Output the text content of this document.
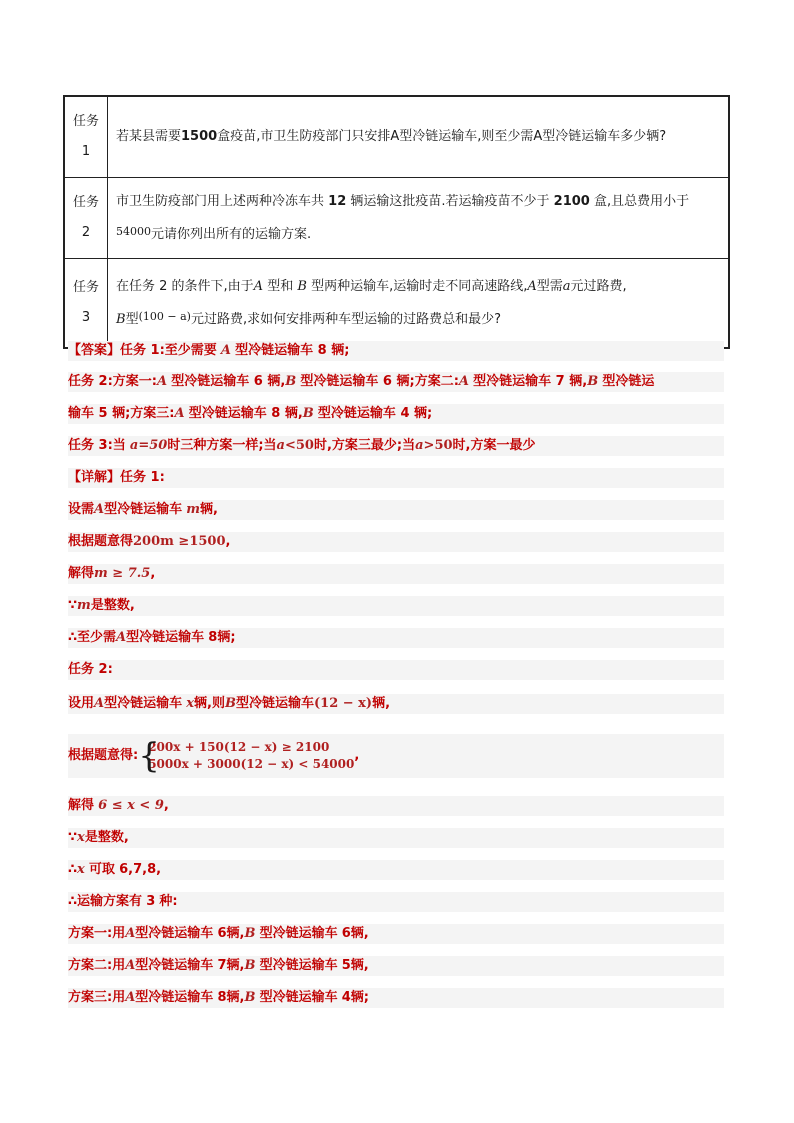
任务
1	若某县需要1500盒疫苗,市卫生防疫部门只安排A型冷链运输车,则至少需A型冷链运输车多少辆?
任务
2	市卫生防疫部门用上述两种冷冻车共 12 辆运输这批疫苗.若运输疫苗不少于 2100 盒,且总费用小于
$^{54000}$元请你列出所有的运输方案.
任务
3	在任务 2 的条件下,由于A 型和 B 型两种运输车,运输时走不同高速路线,A型需a元过路费,
B型$^{(100 - a)}$元过路费,求如何安排两种车型运输的过路费总和最少?
【答案】任务 1:至少需要 A 型冷链运输车 8 辆;
任务 2:方案一:A 型冷链运输车 6 辆,B 型冷链运输车 6 辆;方案二:A 型冷链运输车 7 辆,B 型冷链运
输车 5 辆;方案三:A 型冷链运输车 8 辆,B 型冷链运输车 4 辆;
任务 3:当 a=50时三种方案一样;当a<50时,方案三最少;当a>50时,方案一最少
【详解】任务 1:
设需A型冷链运输车 m辆,
根据题意得200m ≥1500,
解得m ≥ 7.5,
∵m是整数,
∴至少需A型冷链运输车 8辆;
任务 2:
设用A型冷链运输车 x辆,则B型冷链运输车(12 − x)辆,
根据题意得: {
200x + 150(12 − x) ≥ 2100
5000x + 3000(12 − x) < 54000
,
解得 6 ≤ x < 9,
∵x是整数,
∴x 可取 6,7,8,
∴运输方案有 3 种:
方案一:用A型冷链运输车 6辆,B 型冷链运输车 6辆,
方案二:用A型冷链运输车 7辆,B 型冷链运输车 5辆,
方案三:用A型冷链运输车 8辆,B 型冷链运输车 4辆;
